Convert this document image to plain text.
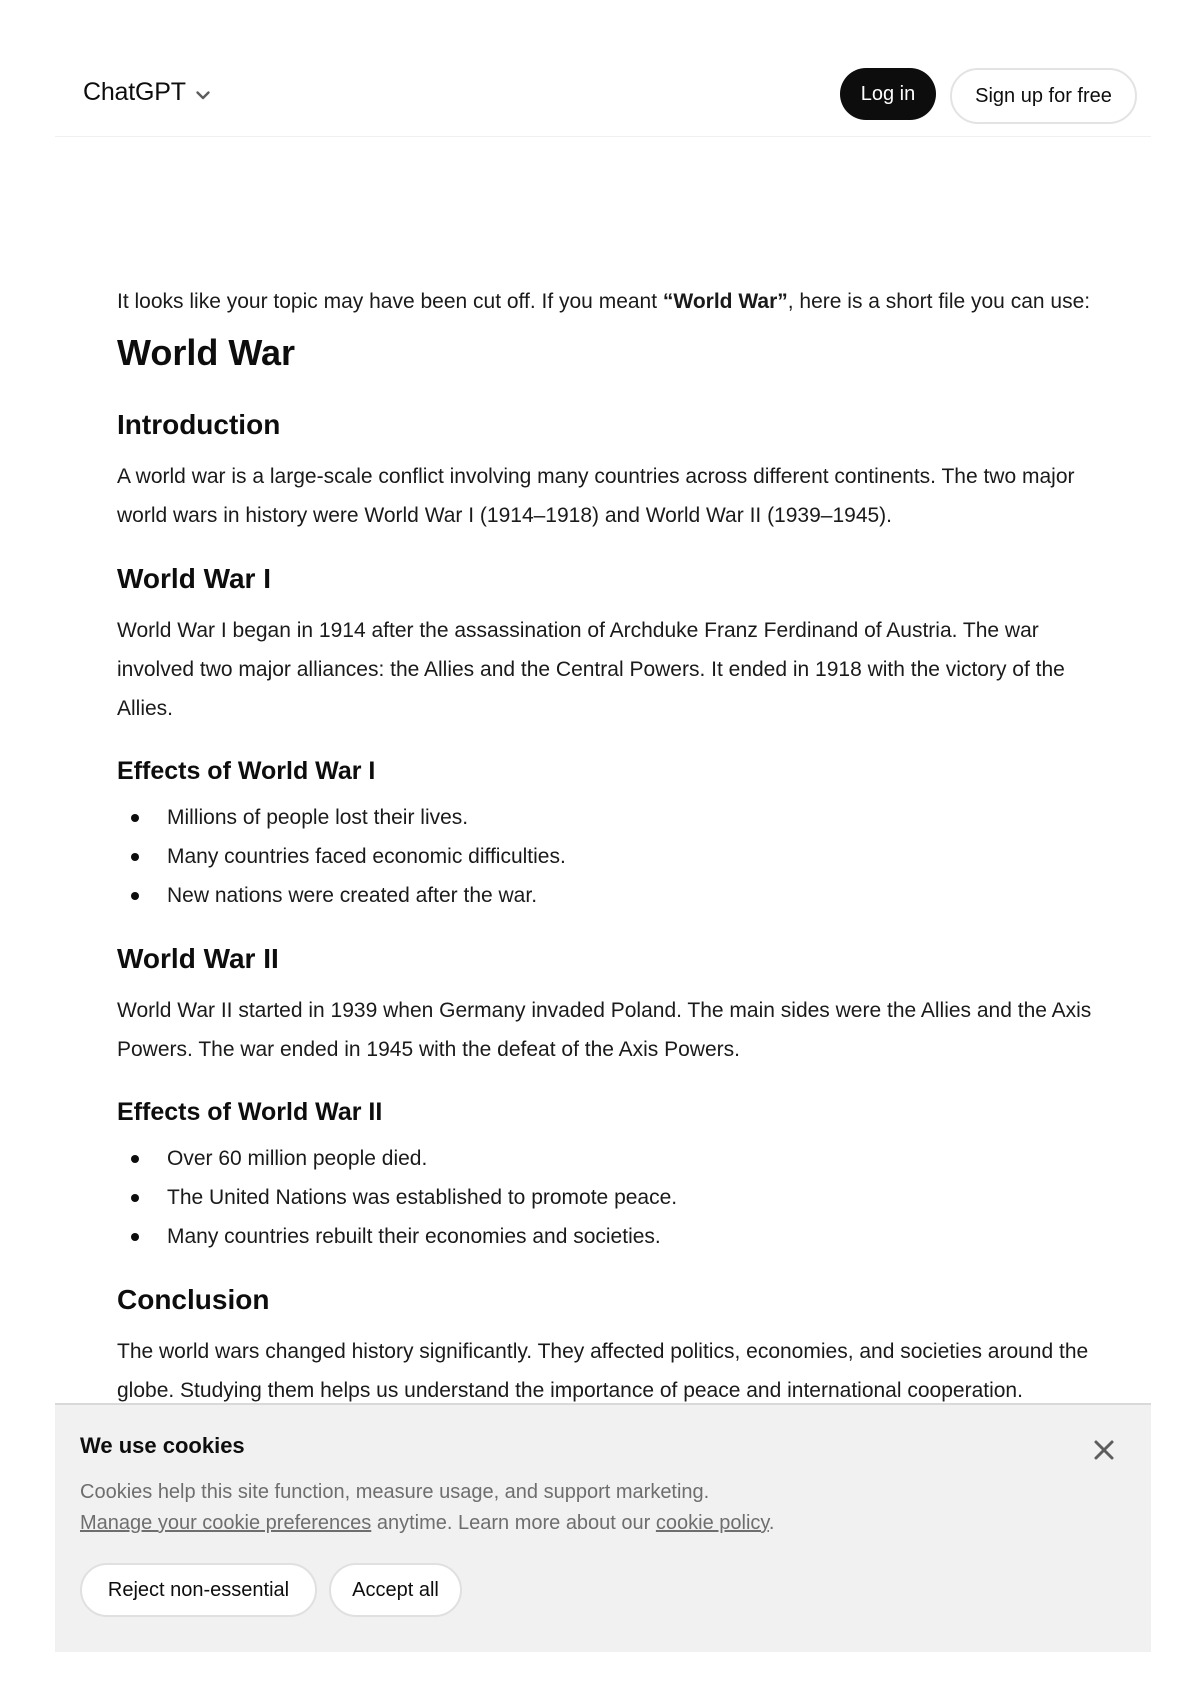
ChatGPT	Log in	Sign up for free

It looks like your topic may have been cut off. If you meant “World War”, here is a short file you can use:

World War
Introduction

A world war is a large-scale conflict involving many countries across different continents. The two major world wars in history were World War I (1914–1918) and World War II (1939–1945).

World War I

World War I began in 1914 after the assassination of Archduke Franz Ferdinand of Austria. The war involved two major alliances: the Allies and the Central Powers. It ended in 1918 with the victory of the Allies.

Effects of World War I
Millions of people lost their lives.
Many countries faced economic difficulties.
New nations were created after the war.
World War II

World War II started in 1939 when Germany invaded Poland. The main sides were the Allies and the Axis Powers. The war ended in 1945 with the defeat of the Axis Powers.

Effects of World War II
Over 60 million people died.
The United Nations was established to promote peace.
Many countries rebuilt their economies and societies.
Conclusion

The world wars changed history significantly. They affected politics, economies, and societies around the globe. Studying them helps us understand the importance of peace and international cooperation.

We use cookies
Cookies help this site function, measure usage, and support marketing.
Manage your cookie preferences anytime. Learn more about our cookie policy.
Reject non-essential	Accept all
